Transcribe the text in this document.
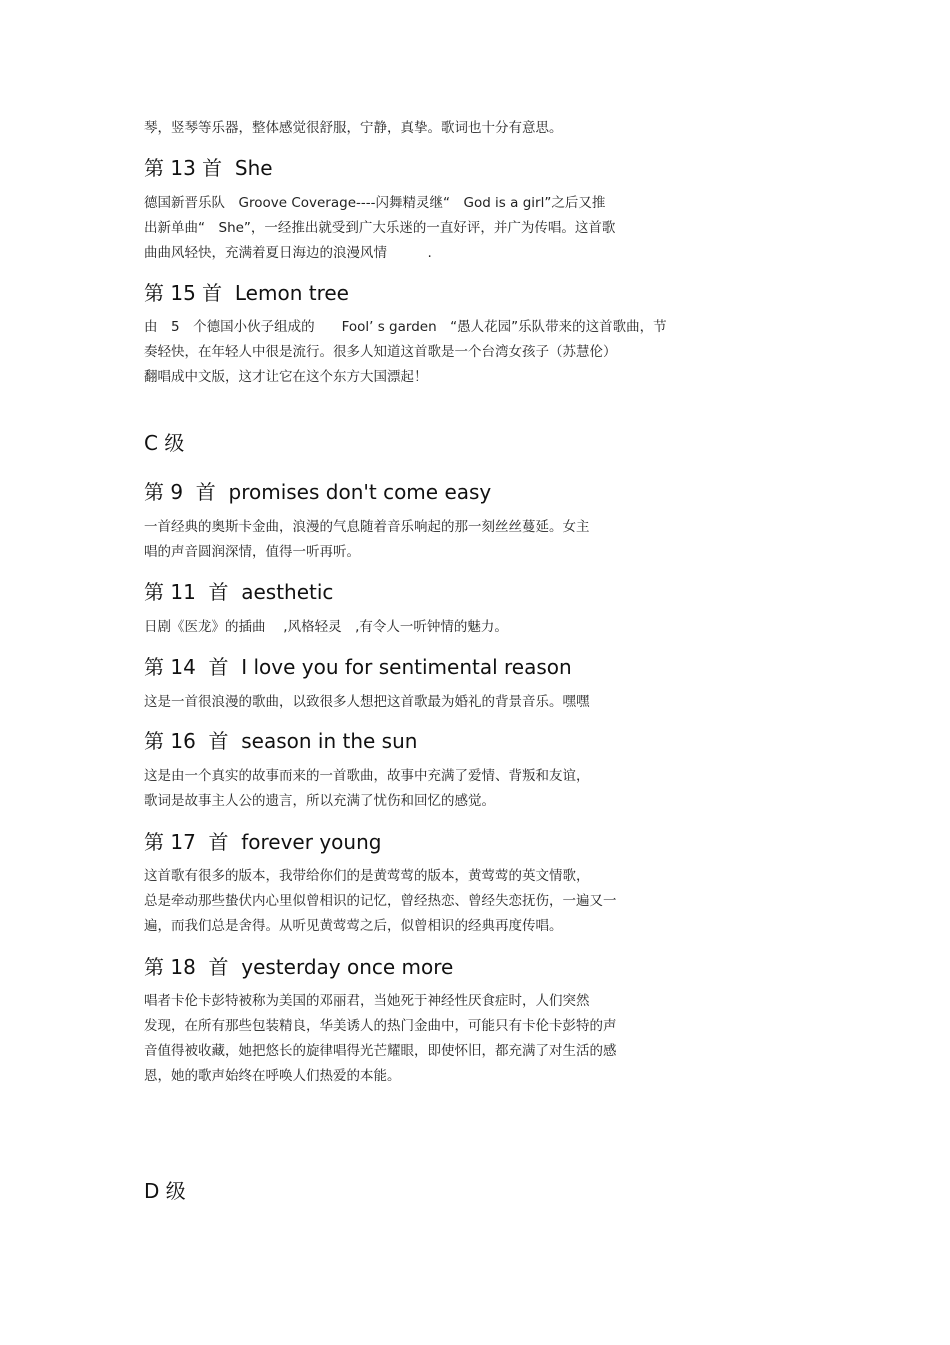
琴，竖琴等乐器，整体感觉很舒服，宁静，真挚。歌词也十分有意思。

第 13 首  She

德国新晋乐队　Groove Coverage----闪舞精灵继“　God is a girl”之后又推
出新单曲“　She”，一经推出就受到广大乐迷的一直好评，并广为传唱。这首歌
曲曲风轻快，充满着夏日海边的浪漫风情　　　.

第 15 首  Lemon tree

由　5　个德国小伙子组成的　　Fool’ s garden　“愚人花园”乐队带来的这首歌曲，节
奏轻快，在年轻人中很是流行。很多人知道这首歌是一个台湾女孩子（苏慧伦）
翻唱成中文版，这才让它在这个东方大国漂起！

C 级
第 9  首  promises don't come easy

一首经典的奥斯卡金曲，浪漫的气息随着音乐响起的那一刻丝丝蔓延。女主
唱的声音圆润深情，值得一听再听。

第 11  首  aesthetic

日剧《医龙》的插曲　 ,风格轻灵　,有令人一听钟情的魅力。

第 14  首  I love you for sentimental reason

这是一首很浪漫的歌曲，以致很多人想把这首歌最为婚礼的背景音乐。嘿嘿

第 16  首  season in the sun

这是由一个真实的故事而来的一首歌曲，故事中充满了爱情、背叛和友谊，
歌词是故事主人公的遗言，所以充满了忧伤和回忆的感觉。

第 17  首  forever young

这首歌有很多的版本，我带给你们的是黄莺莺的版本，黄莺莺的英文情歌，
总是牵动那些蛰伏内心里似曾相识的记忆，曾经热恋、曾经失恋抚伤，一遍又一
遍，而我们总是舍得。从听见黄莺莺之后，似曾相识的经典再度传唱。

第 18  首  yesterday once more

唱者卡伦卡彭特被称为美国的邓丽君，当她死于神经性厌食症时，人们突然
发现，在所有那些包装精良，华美诱人的热门金曲中，可能只有卡伦卡彭特的声
音值得被收藏，她把悠长的旋律唱得光芒耀眼，即使怀旧，都充满了对生活的感
恩，她的歌声始终在呼唤人们热爱的本能。

D 级
